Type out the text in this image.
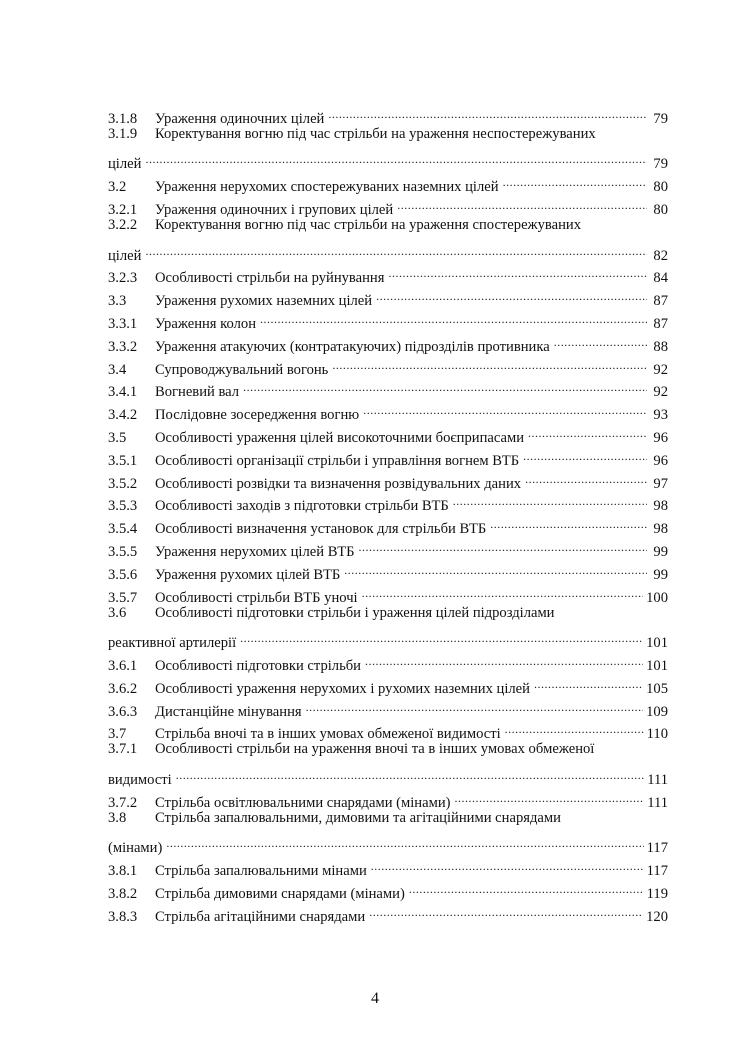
3.1.8	Ураження одиночних цілей .....	79
3.1.9	Коректування вогню під час стрільби на ураження неспостережуваних
цілей .....	79
3.2	Ураження нерухомих спостережуваних наземних цілей .....	80
3.2.1	Ураження одиночних і групових цілей .....	80
3.2.2	Коректування вогню під час стрільби на ураження спостережуваних
цілей .....	82
3.2.3	Особливості стрільби на руйнування .....	84
3.3	Ураження рухомих наземних цілей .....	87
3.3.1	Ураження колон .....	87
3.3.2	Ураження атакуючих (контратакуючих) підрозділів противника .....	88
3.4	Супроводжувальний вогонь .....	92
3.4.1	Вогневий вал .....	92
3.4.2	Послідовне зосередження вогню .....	93
3.5	Особливості ураження цілей високоточними боєприпасами .....	96
3.5.1	Особливості організації стрільби і управління вогнем ВТБ .....	96
3.5.2	Особливості розвідки та визначення розвідувальних даних .....	97
3.5.3	Особливості заходів з підготовки стрільби ВТБ .....	98
3.5.4	Особливості визначення установок для стрільби ВТБ .....	98
3.5.5	Ураження нерухомих цілей ВТБ .....	99
3.5.6	Ураження рухомих цілей ВТБ .....	99
3.5.7	Особливості стрільби ВТБ уночі .....	100
3.6	Особливості підготовки стрільби і ураження цілей підрозділами
реактивної артилерії .....	101
3.6.1	Особливості підготовки стрільби .....	101
3.6.2	Особливості ураження нерухомих і рухомих наземних цілей .....	105
3.6.3	Дистанційне мінування .....	109
3.7	Стрільба вночі та в інших умовах обмеженої видимості .....	110
3.7.1	Особливості стрільби на ураження вночі та в інших умовах обмеженої
видимості .....	111
3.7.2	Стрільба освітлювальними снарядами (мінами) .....	111
3.8	Стрільба запалювальними, димовими та агітаційними снарядами
(мінами) .....	117
3.8.1	Стрільба запалювальними мінами .....	117
3.8.2	Стрільба димовими снарядами (мінами) .....	119
3.8.3	Стрільба агітаційними снарядами .....	120
4
